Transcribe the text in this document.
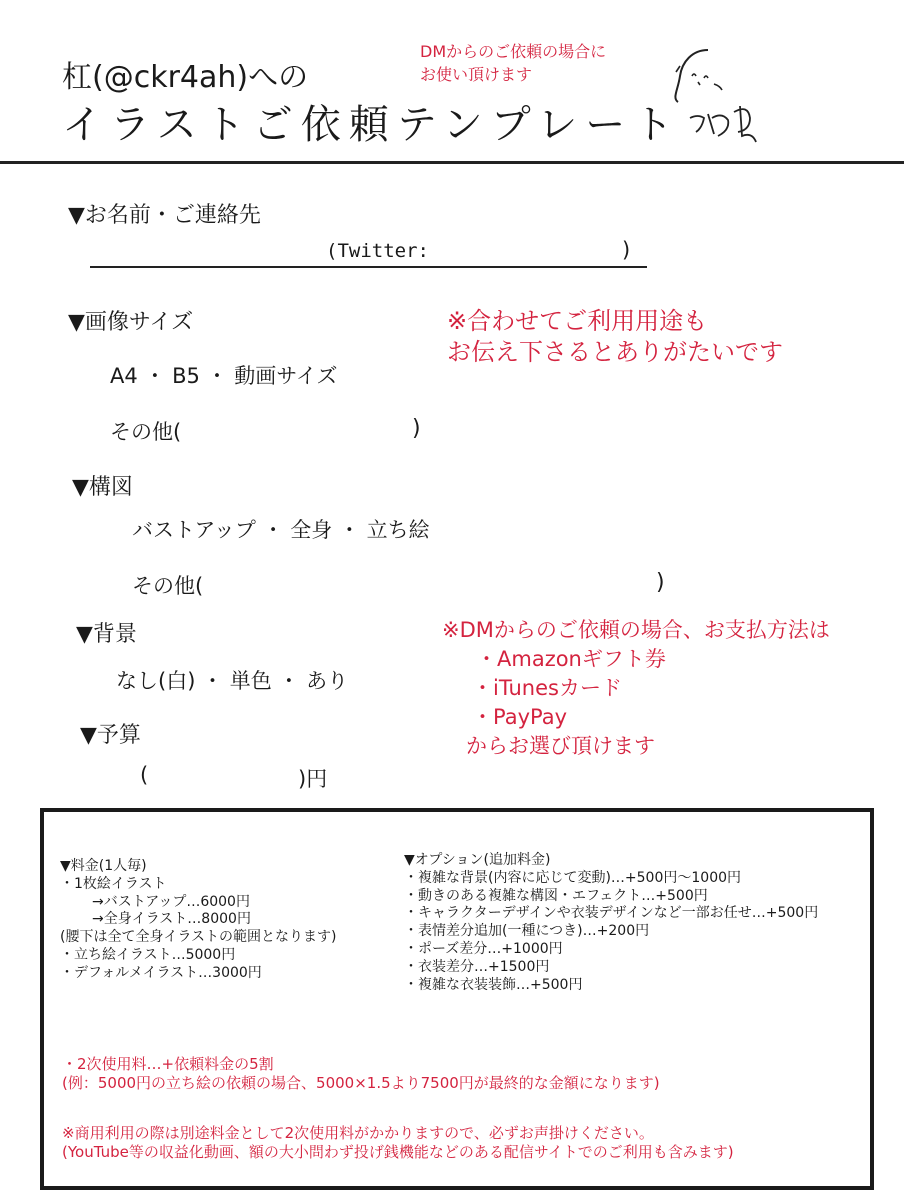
杠(@ckr4ah)への
イラストご依頼テンプレート
DMからのご依頼の場合に
お使い頂けます
▼お名前・ご連絡先
(Twitter:	)
▼画像サイズ
A4 ・ B5 ・ 動画サイズ
その他(	)
▼構図
バストアップ ・ 全身 ・ 立ち絵
その他(	)
▼背景
なし(白) ・ 単色 ・ あり
▼予算
(	)円
※合わせてご利用用途も
お伝え下さるとありがたいです
※DMからのご依頼の場合、お支払方法は
・Amazonギフト券
・iTunesカード
・PayPay
からお選び頂けます
▼料金(1人毎)
・1枚絵イラスト
→バストアップ…6000円
→全身イラスト…8000円
(腰下は全て全身イラストの範囲となります)
・立ち絵イラスト…5000円
・デフォルメイラスト…3000円
▼オプション(追加料金)
・複雑な背景(内容に応じて変動)…+500円〜1000円
・動きのある複雑な構図・エフェクト…+500円
・キャラクターデザインや衣装デザインなど一部お任せ…+500円
・表情差分追加(一種につき)…+200円
・ポーズ差分…+1000円
・衣装差分…+1500円
・複雑な衣装装飾…+500円
・2次使用料…+依頼料金の5割
(例：5000円の立ち絵の依頼の場合、5000×1.5より7500円が最終的な金額になります)
※商用利用の際は別途料金として2次使用料がかかりますので、必ずお声掛けください。
(YouTube等の収益化動画、額の大小問わず投げ銭機能などのある配信サイトでのご利用も含みます)
